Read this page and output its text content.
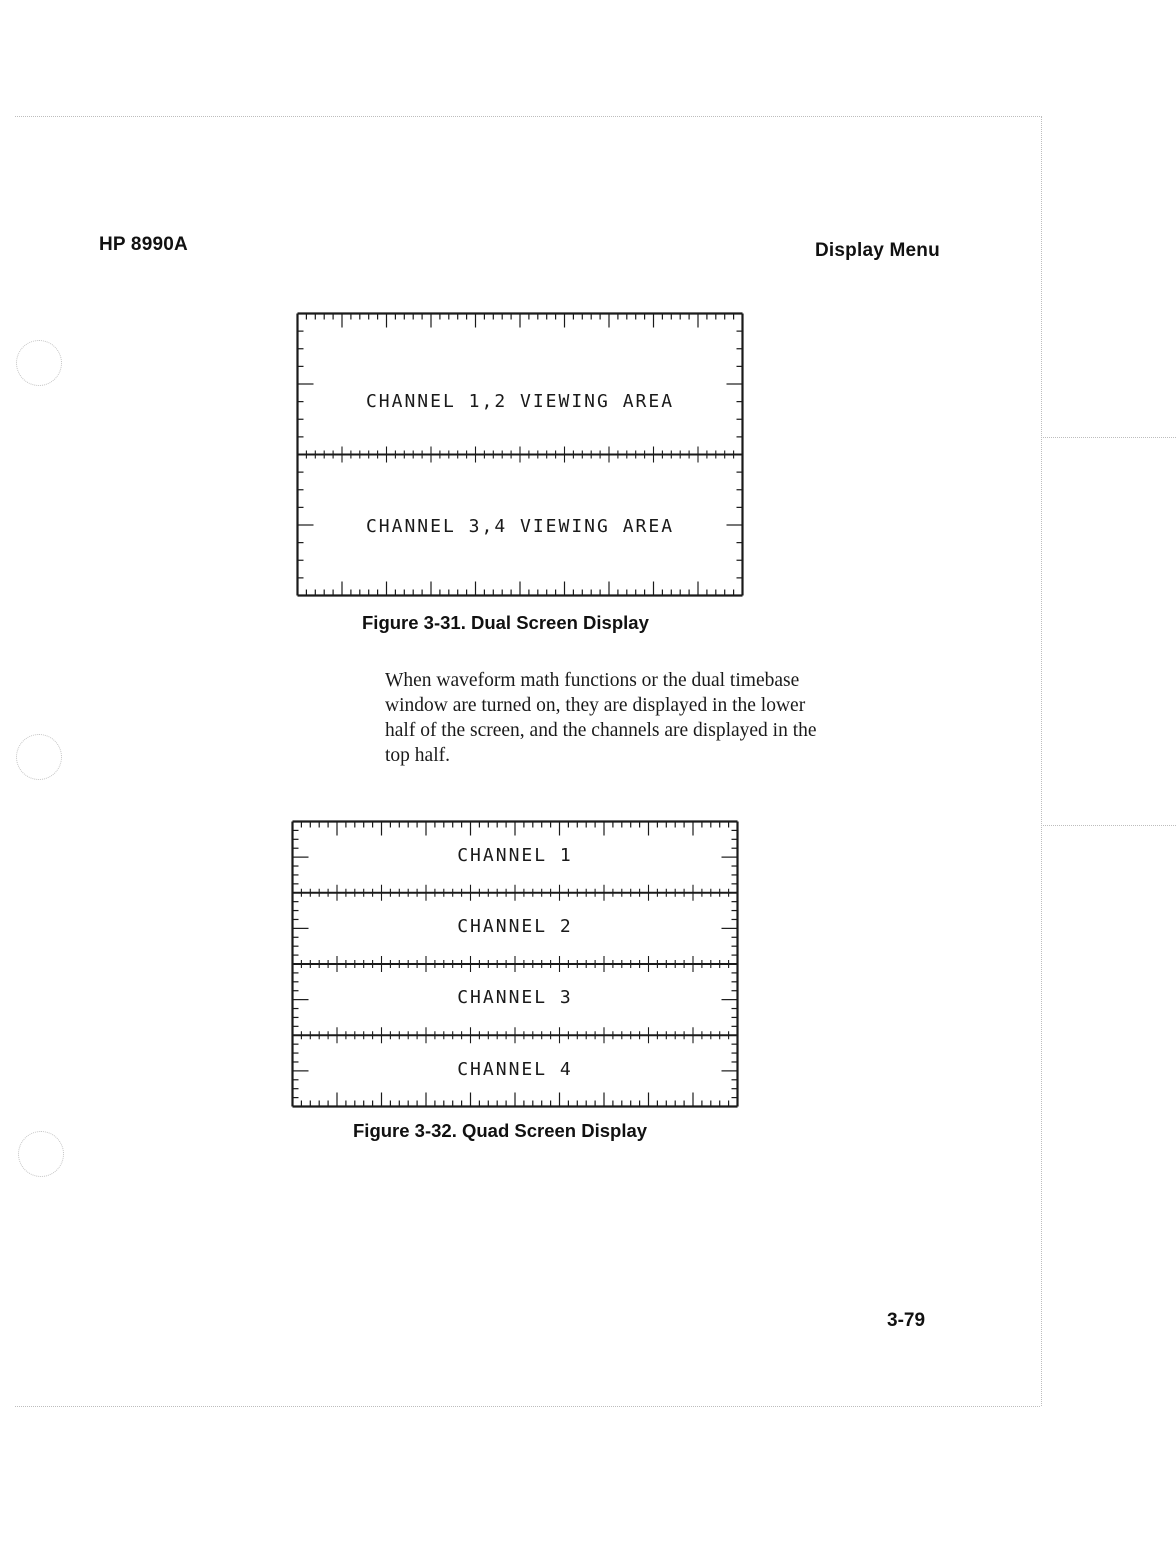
HP 8990A	Display Menu
CHANNEL 1,2 VIEWING AREA
CHANNEL 3,4 VIEWING AREA
Figure 3-31. Dual Screen Display
When waveform math functions or the dual timebase
window are turned on, they are displayed in the lower
half of the screen, and the channels are displayed in the
top half.
CHANNEL 1
CHANNEL 2
CHANNEL 3
CHANNEL 4
Figure 3-32. Quad Screen Display
3-79
